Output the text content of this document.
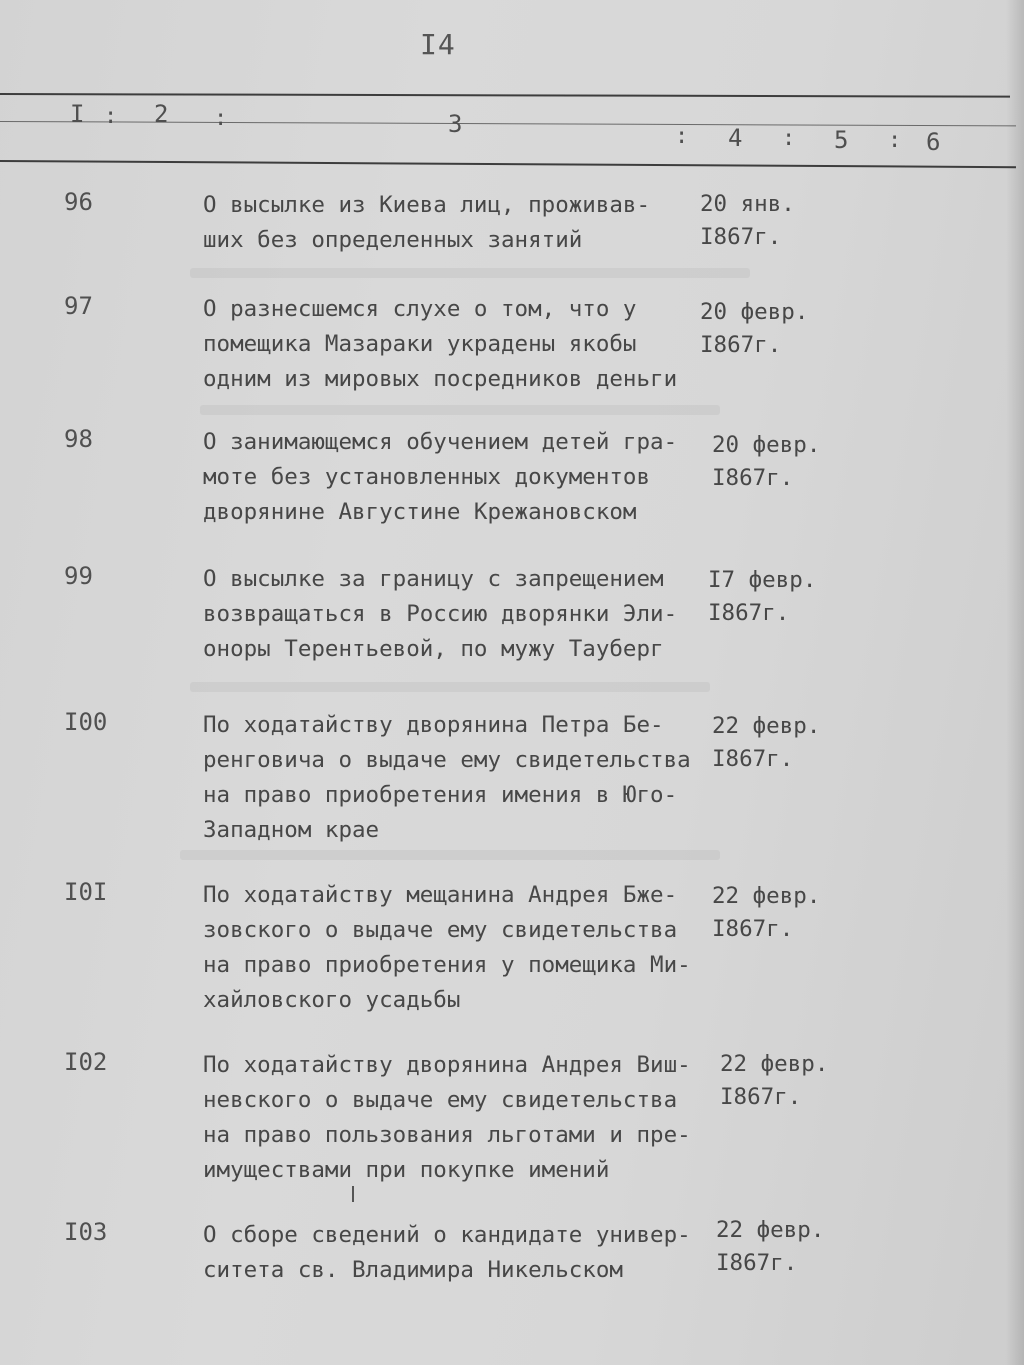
I4
I : 2 :	3	: 4 : 5 : 6
96	О высылке из Киева лиц, проживав-
ших без определенных занятий
20 янв.
I867г.
97	О разнесшемся слухе о том, что у
помещика Мазараки украдены якобы
одним из мировых посредников деньги
20 февр.
I867г.
98	О занимающемся обучением детей гра-
моте без установленных документов
дворянине Августине Крежановском
20 февр.
I867г.
99	О высылке за границу с запрещением
возвращаться в Россию дворянки Эли-
оноры Терентьевой, по мужу Тауберг
I7 февр.
I867г.
I00	По ходатайству дворянина Петра Бе-
ренговича о выдаче ему свидетельства
на право приобретения имения в Юго-
Западном крае
22 февр.
I867г.
I0I	По ходатайству мещанина Андрея Бже-
зовского о выдаче ему свидетельства
на право приобретения у помещика Ми-
хайловского усадьбы
22 февр.
I867г.
I02	По ходатайству дворянина Андрея Виш-
невского о выдаче ему свидетельства
на право пользования льготами и пре-
имуществами при покупке имений
22 февр.
I867г.
I03	О сборе сведений о кандидате универ-
ситета св. Владимира Никельском
22 февр.
I867г.
